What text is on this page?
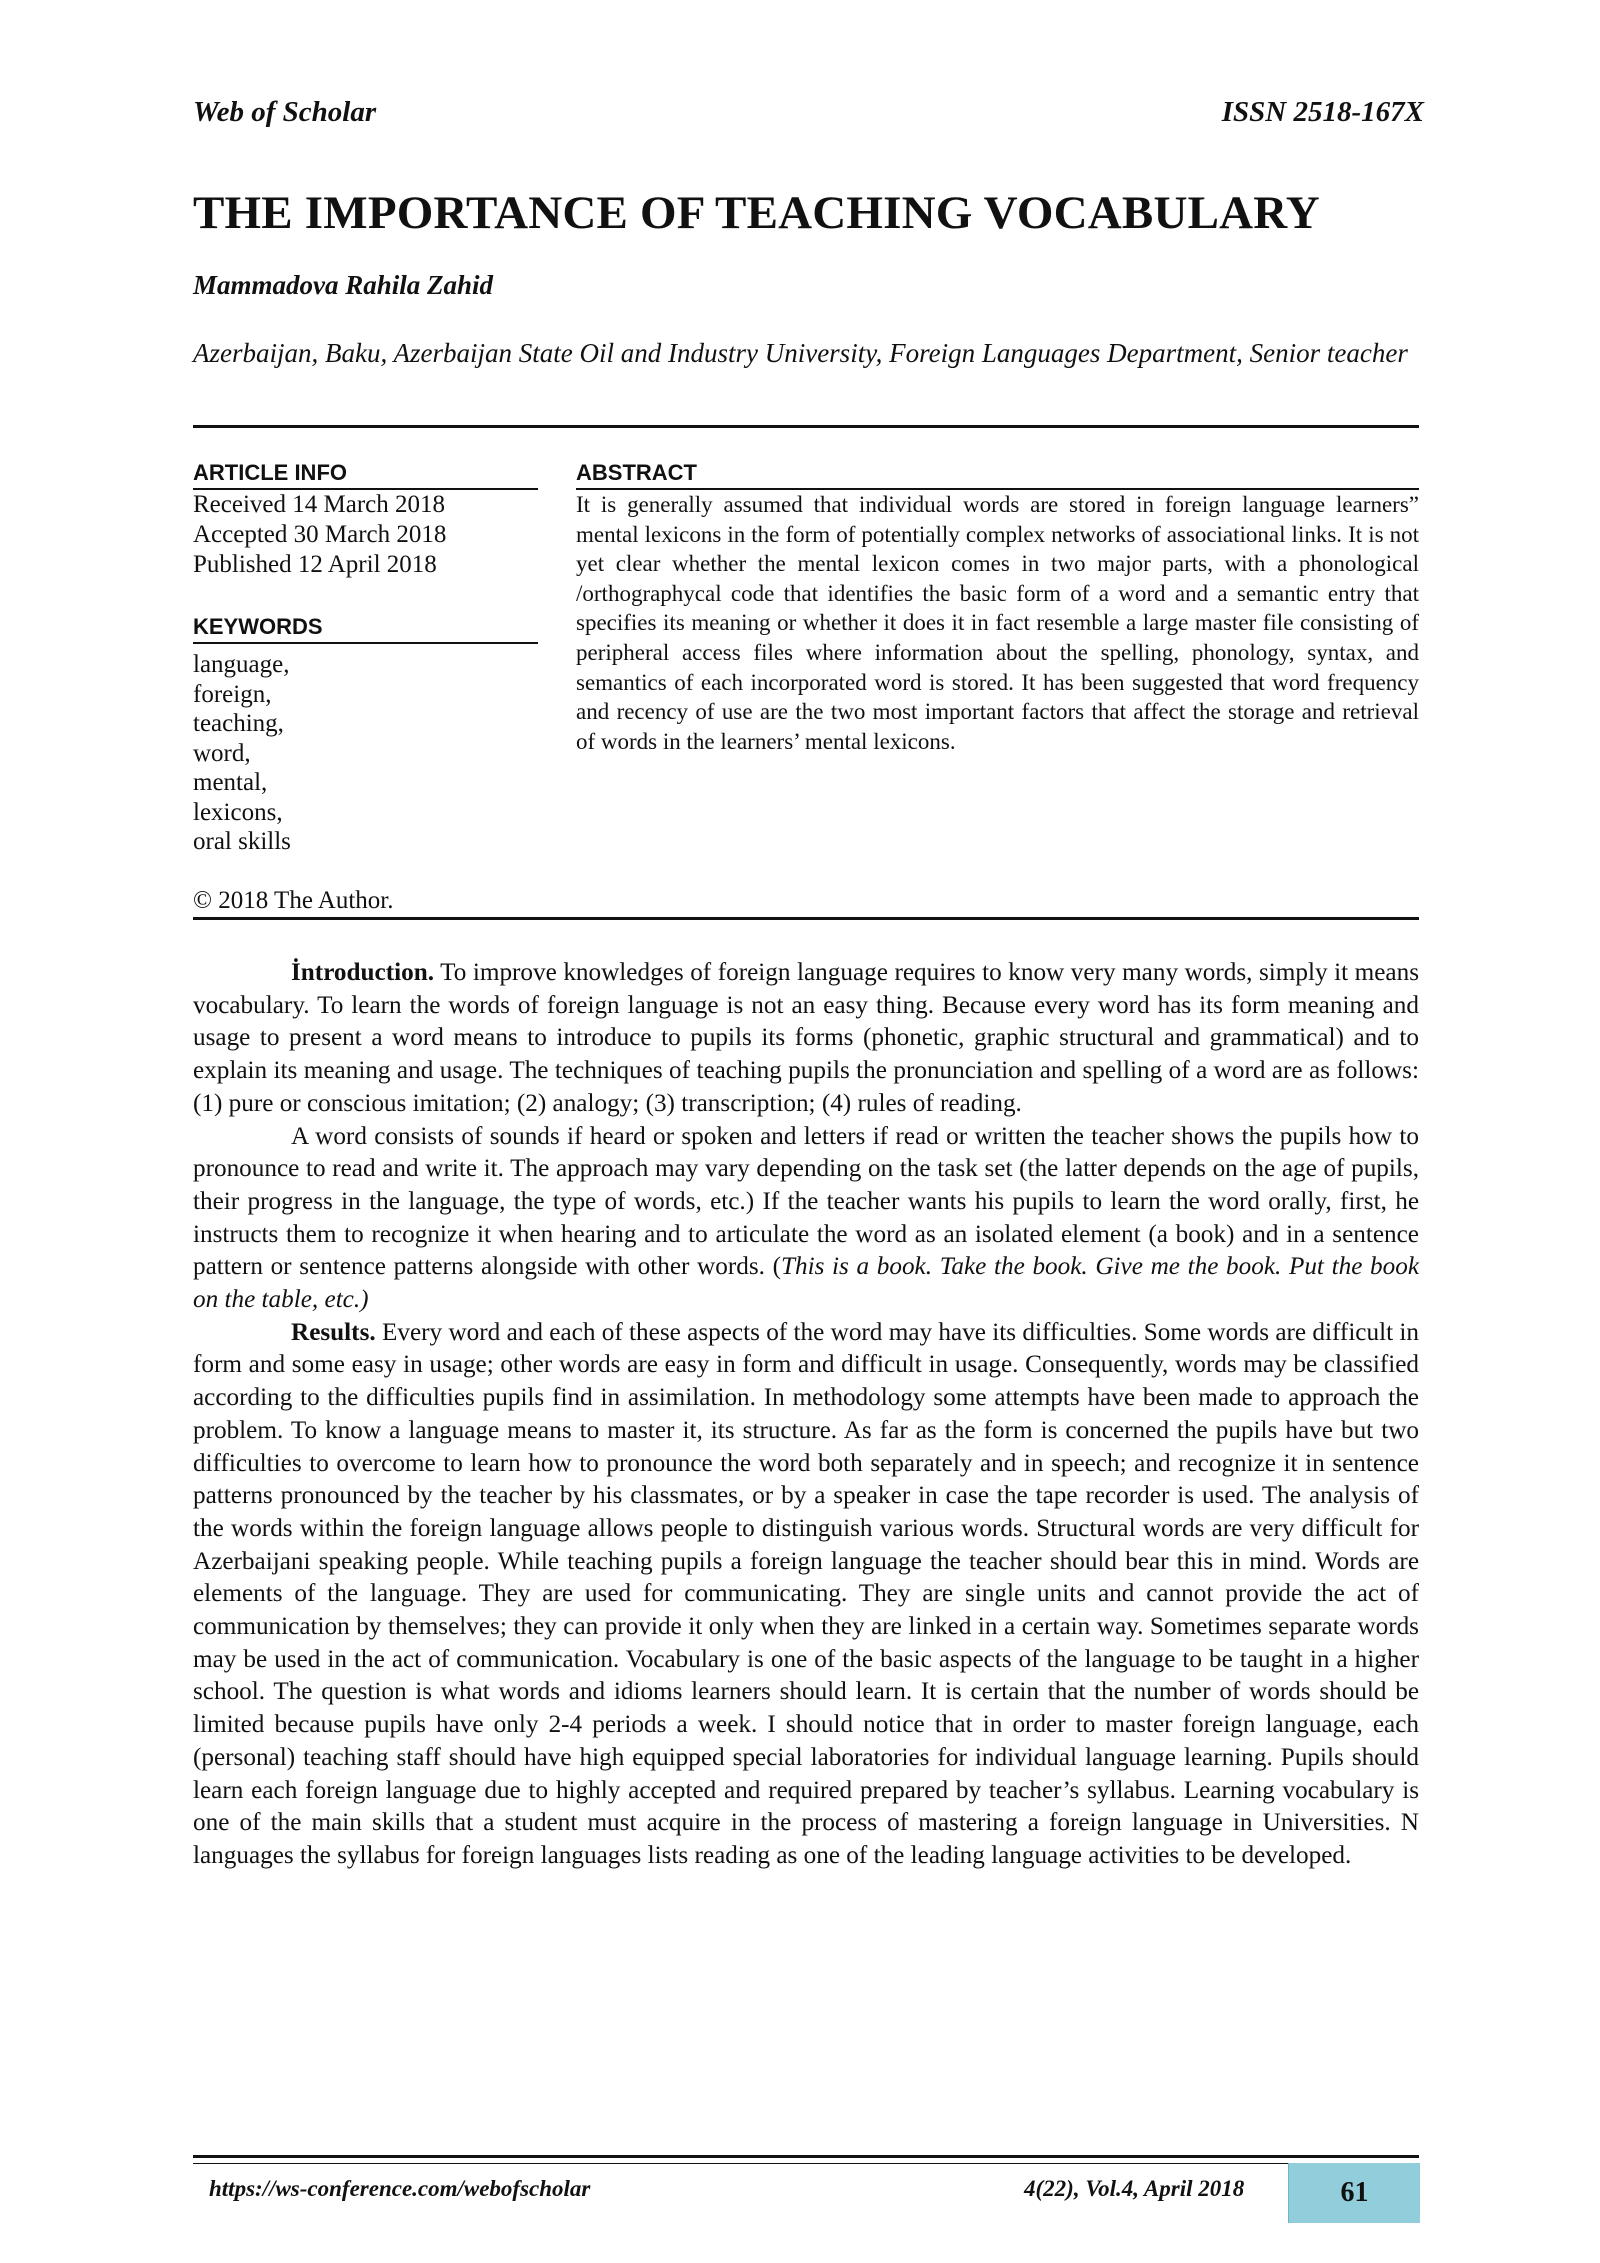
Web of Scholar	ISSN 2518-167X
THE IMPORTANCE OF TEACHING VOCABULARY
Mammadova Rahila Zahid
Azerbaijan, Baku, Azerbaijan State Oil and Industry University, Foreign Languages Department, Senior teacher
ARTICLE INFO
Received 14 March 2018
Accepted 30 March 2018
Published 12 April 2018
KEYWORDS
language,
foreign,
teaching,
word,
mental,
lexicons,
oral skills
© 2018 The Author.
ABSTRACT
It is generally assumed that individual words are stored in foreign language learners” mental lexicons in the form of potentially complex networks of associational links. It is not yet clear whether the mental lexicon comes in two major parts, with a phonological /orthographycal code that identifies the basic form of a word and a semantic entry that specifies its meaning or whether it does it in fact resemble a large master file consisting of peripheral access files where information about the spelling, phonology, syntax, and semantics of each incorporated word is stored. It has been suggested that word frequency and recency of use are the two most important factors that affect the storage and retrieval of words in the learners’ mental lexicons.

İntroduction. To improve knowledges of foreign language requires to know very many words, simply it means vocabulary. To learn the words of foreign language is not an easy thing. Because every word has its form meaning and usage to present a word means to introduce to pupils its forms (phonetic, graphic structural and grammatical) and to explain its meaning and usage. The techniques of teaching pupils the pronunciation and spelling of a word are as follows: (1) pure or conscious imitation; (2) analogy; (3) transcription; (4) rules of reading.

A word consists of sounds if heard or spoken and letters if read or written the teacher shows the pupils how to pronounce to read and write it. The approach may vary depending on the task set (the latter depends on the age of pupils, their progress in the language, the type of words, etc.) If the teacher wants his pupils to learn the word orally, first, he instructs them to recognize it when hearing and to articulate the word as an isolated element (a book) and in a sentence pattern or sentence patterns alongside with other words. (This is a book. Take the book. Give me the book. Put the book on the table, etc.)

Results. Every word and each of these aspects of the word may have its difficulties. Some words are difficult in form and some easy in usage; other words are easy in form and difficult in usage. Consequently, words may be classified according to the difficulties pupils find in assimilation. In methodology some attempts have been made to approach the problem. To know a language means to master it, its structure. As far as the form is concerned the pupils have but two difficulties to overcome to learn how to pronounce the word both separately and in speech; and recognize it in sentence patterns pronounced by the teacher by his classmates, or by a speaker in case the tape recorder is used. The analysis of the words within the foreign language allows people to distinguish various words. Structural words are very difficult for Azerbaijani speaking people. While teaching pupils a foreign language the teacher should bear this in mind. Words are elements of the language. They are used for communicating. They are single units and cannot provide the act of communication by themselves; they can provide it only when they are linked in a certain way. Sometimes separate words may be used in the act of communication. Vocabulary is one of the basic aspects of the language to be taught in a higher school. The question is what words and idioms learners should learn. It is certain that the number of words should be limited because pupils have only 2-4 periods a week. I should notice that in order to master foreign language, each (personal) teaching staff should have high equipped special laboratories for individual language learning. Pupils should learn each foreign language due to highly accepted and required prepared by teacher’s syllabus. Learning vocabulary is one of the main skills that a student must acquire in the process of mastering a foreign language in Universities. N languages the syllabus for foreign languages lists reading as one of the leading language activities to be developed.

https://ws-conference.com/webofscholar	4(22), Vol.4, April 2018	61
